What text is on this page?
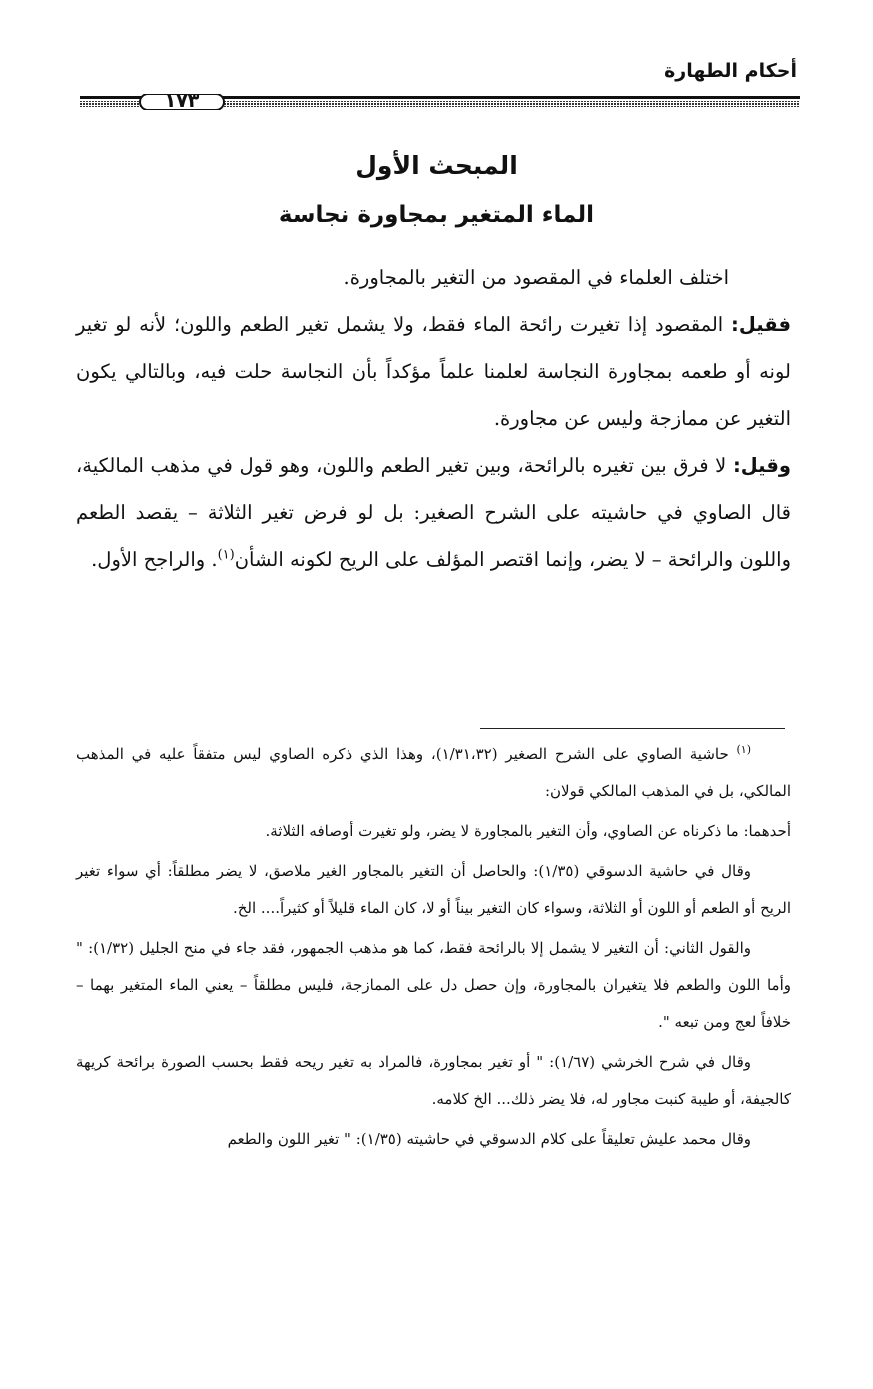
أحكام الطهارة
١٧٣
المبحث الأول
الماء المتغير بمجاورة نجاسة

اختلف العلماء في المقصود من التغير بالمجاورة.

فقيل: المقصود إذا تغيرت رائحة الماء فقط، ولا يشمل تغير الطعم واللون؛ لأنه لو تغير لونه أو طعمه بمجاورة النجاسة لعلمنا علماً مؤكداً بأن النجاسة حلت فيه، وبالتالي يكون التغير عن ممازجة وليس عن مجاورة.

وقيل: لا فرق بين تغيره بالرائحة، وبين تغير الطعم واللون، وهو قول في مذهب المالكية، قال الصاوي في حاشيته على الشرح الصغير: بل لو فرض تغير الثلاثة – يقصد الطعم واللون والرائحة – لا يضر، وإنما اقتصر المؤلف على الريح لكونه الشأن$^{(١)}$. والراجح الأول.

$^{(١)}$ حاشية الصاوي على الشرح الصغير (١/٣١،٣٢)، وهذا الذي ذكره الصاوي ليس متفقاً عليه في المذهب المالكي، بل في المذهب المالكي قولان:

أحدهما: ما ذكرناه عن الصاوي، وأن التغير بالمجاورة لا يضر، ولو تغيرت أوصافه الثلاثة.

وقال في حاشية الدسوقي (١/٣٥): والحاصل أن التغير بالمجاور الغير ملاصق، لا يضر مطلقاً: أي سواء تغير الريح أو الطعم أو اللون أو الثلاثة، وسواء كان التغير بيناً أو لا، كان الماء قليلاً أو كثيراً.... الخ.

والقول الثاني: أن التغير لا يشمل إلا بالرائحة فقط، كما هو مذهب الجمهور، فقد جاء في منح الجليل (١/٣٢): " وأما اللون والطعم فلا يتغيران بالمجاورة، وإن حصل دل على الممازجة، فليس مطلقاً – يعني الماء المتغير بهما – خلافاً لعج ومن تبعه ".

وقال في شرح الخرشي (١/٦٧): " أو تغير بمجاورة، فالمراد به تغير ريحه فقط بحسب الصورة برائحة كريهة كالجيفة، أو طيبة كنبت مجاور له، فلا يضر ذلك... الخ كلامه.

وقال محمد عليش تعليقاً على كلام الدسوقي في حاشيته (١/٣٥): " تغير اللون والطعم
